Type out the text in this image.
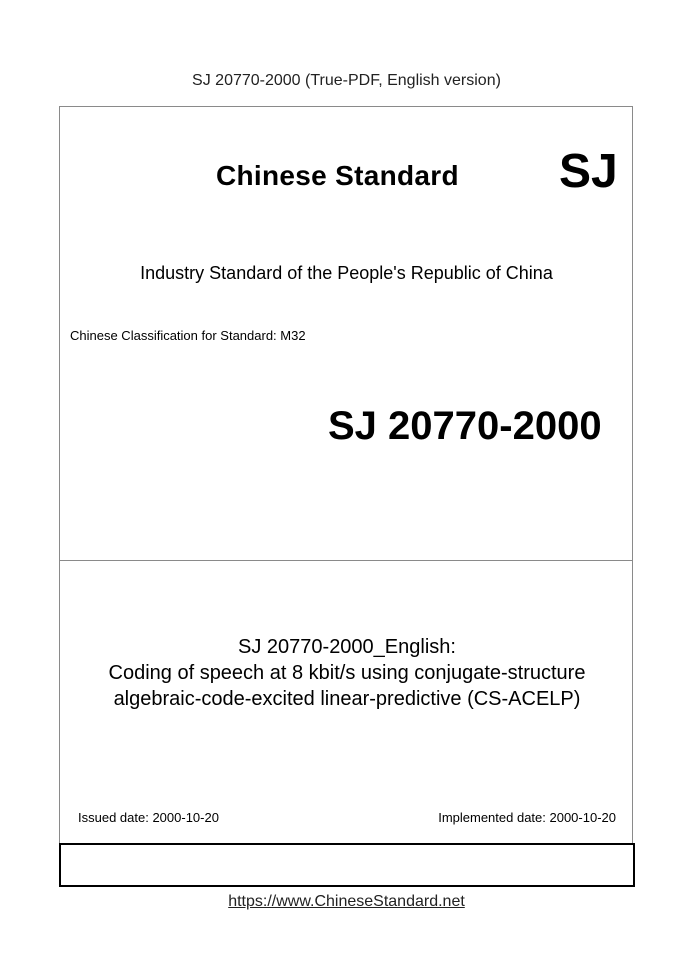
SJ 20770-2000 (True-PDF, English version)
Chinese Standard SJ
Industry Standard of the People's Republic of China
Chinese Classification for Standard: M32
SJ 20770-2000
SJ 20770-2000_English:
Coding of speech at 8 kbit/s using conjugate-structure
algebraic-code-excited linear-predictive (CS-ACELP)
Issued date: 2000-10-20	Implemented date: 2000-10-20
https://www.ChineseStandard.net
